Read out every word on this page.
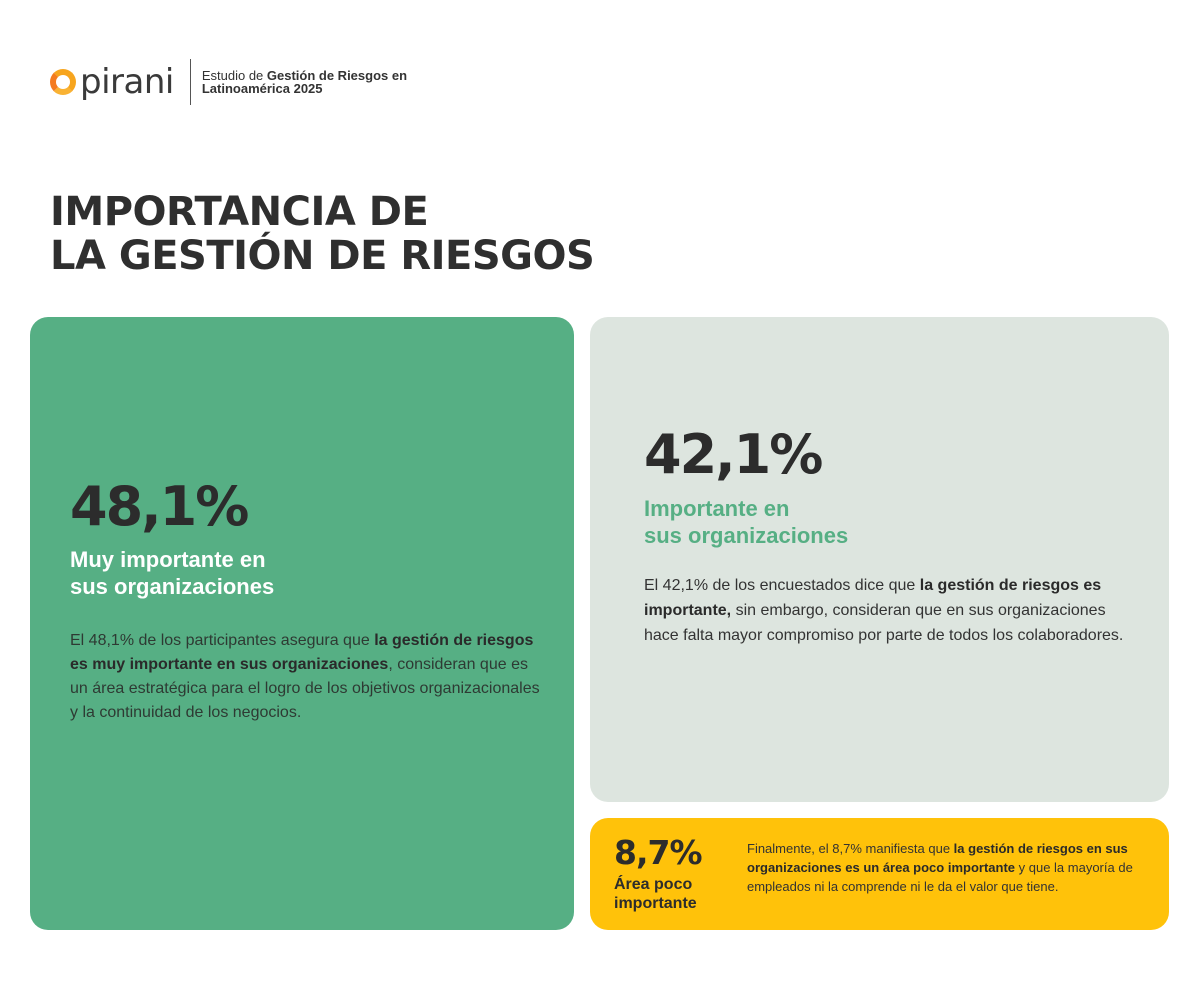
pirani Estudio de Gestión de Riesgos en
Latinoamérica 2025
IMPORTANCIA DE
LA GESTIÓN DE RIESGOS
48,1%
Muy importante en
sus organizaciones

El 48,1% de los participantes asegura que la gestión de riesgos es muy importante en sus organizaciones, consideran que es un área estratégica para el logro de los objetivos organizacionales y la continuidad de los negocios.

42,1%
Importante en
sus organizaciones

El 42,1% de los encuestados dice que la gestión de riesgos es importante, sin embargo, consideran que en sus organizaciones hace falta mayor compromiso por parte de todos los colaboradores.

8,7%
Área poco
importante

Finalmente, el 8,7% manifiesta que la gestión de riesgos en sus organizaciones es un área poco importante y que la mayoría de empleados ni la comprende ni le da el valor que tiene.
